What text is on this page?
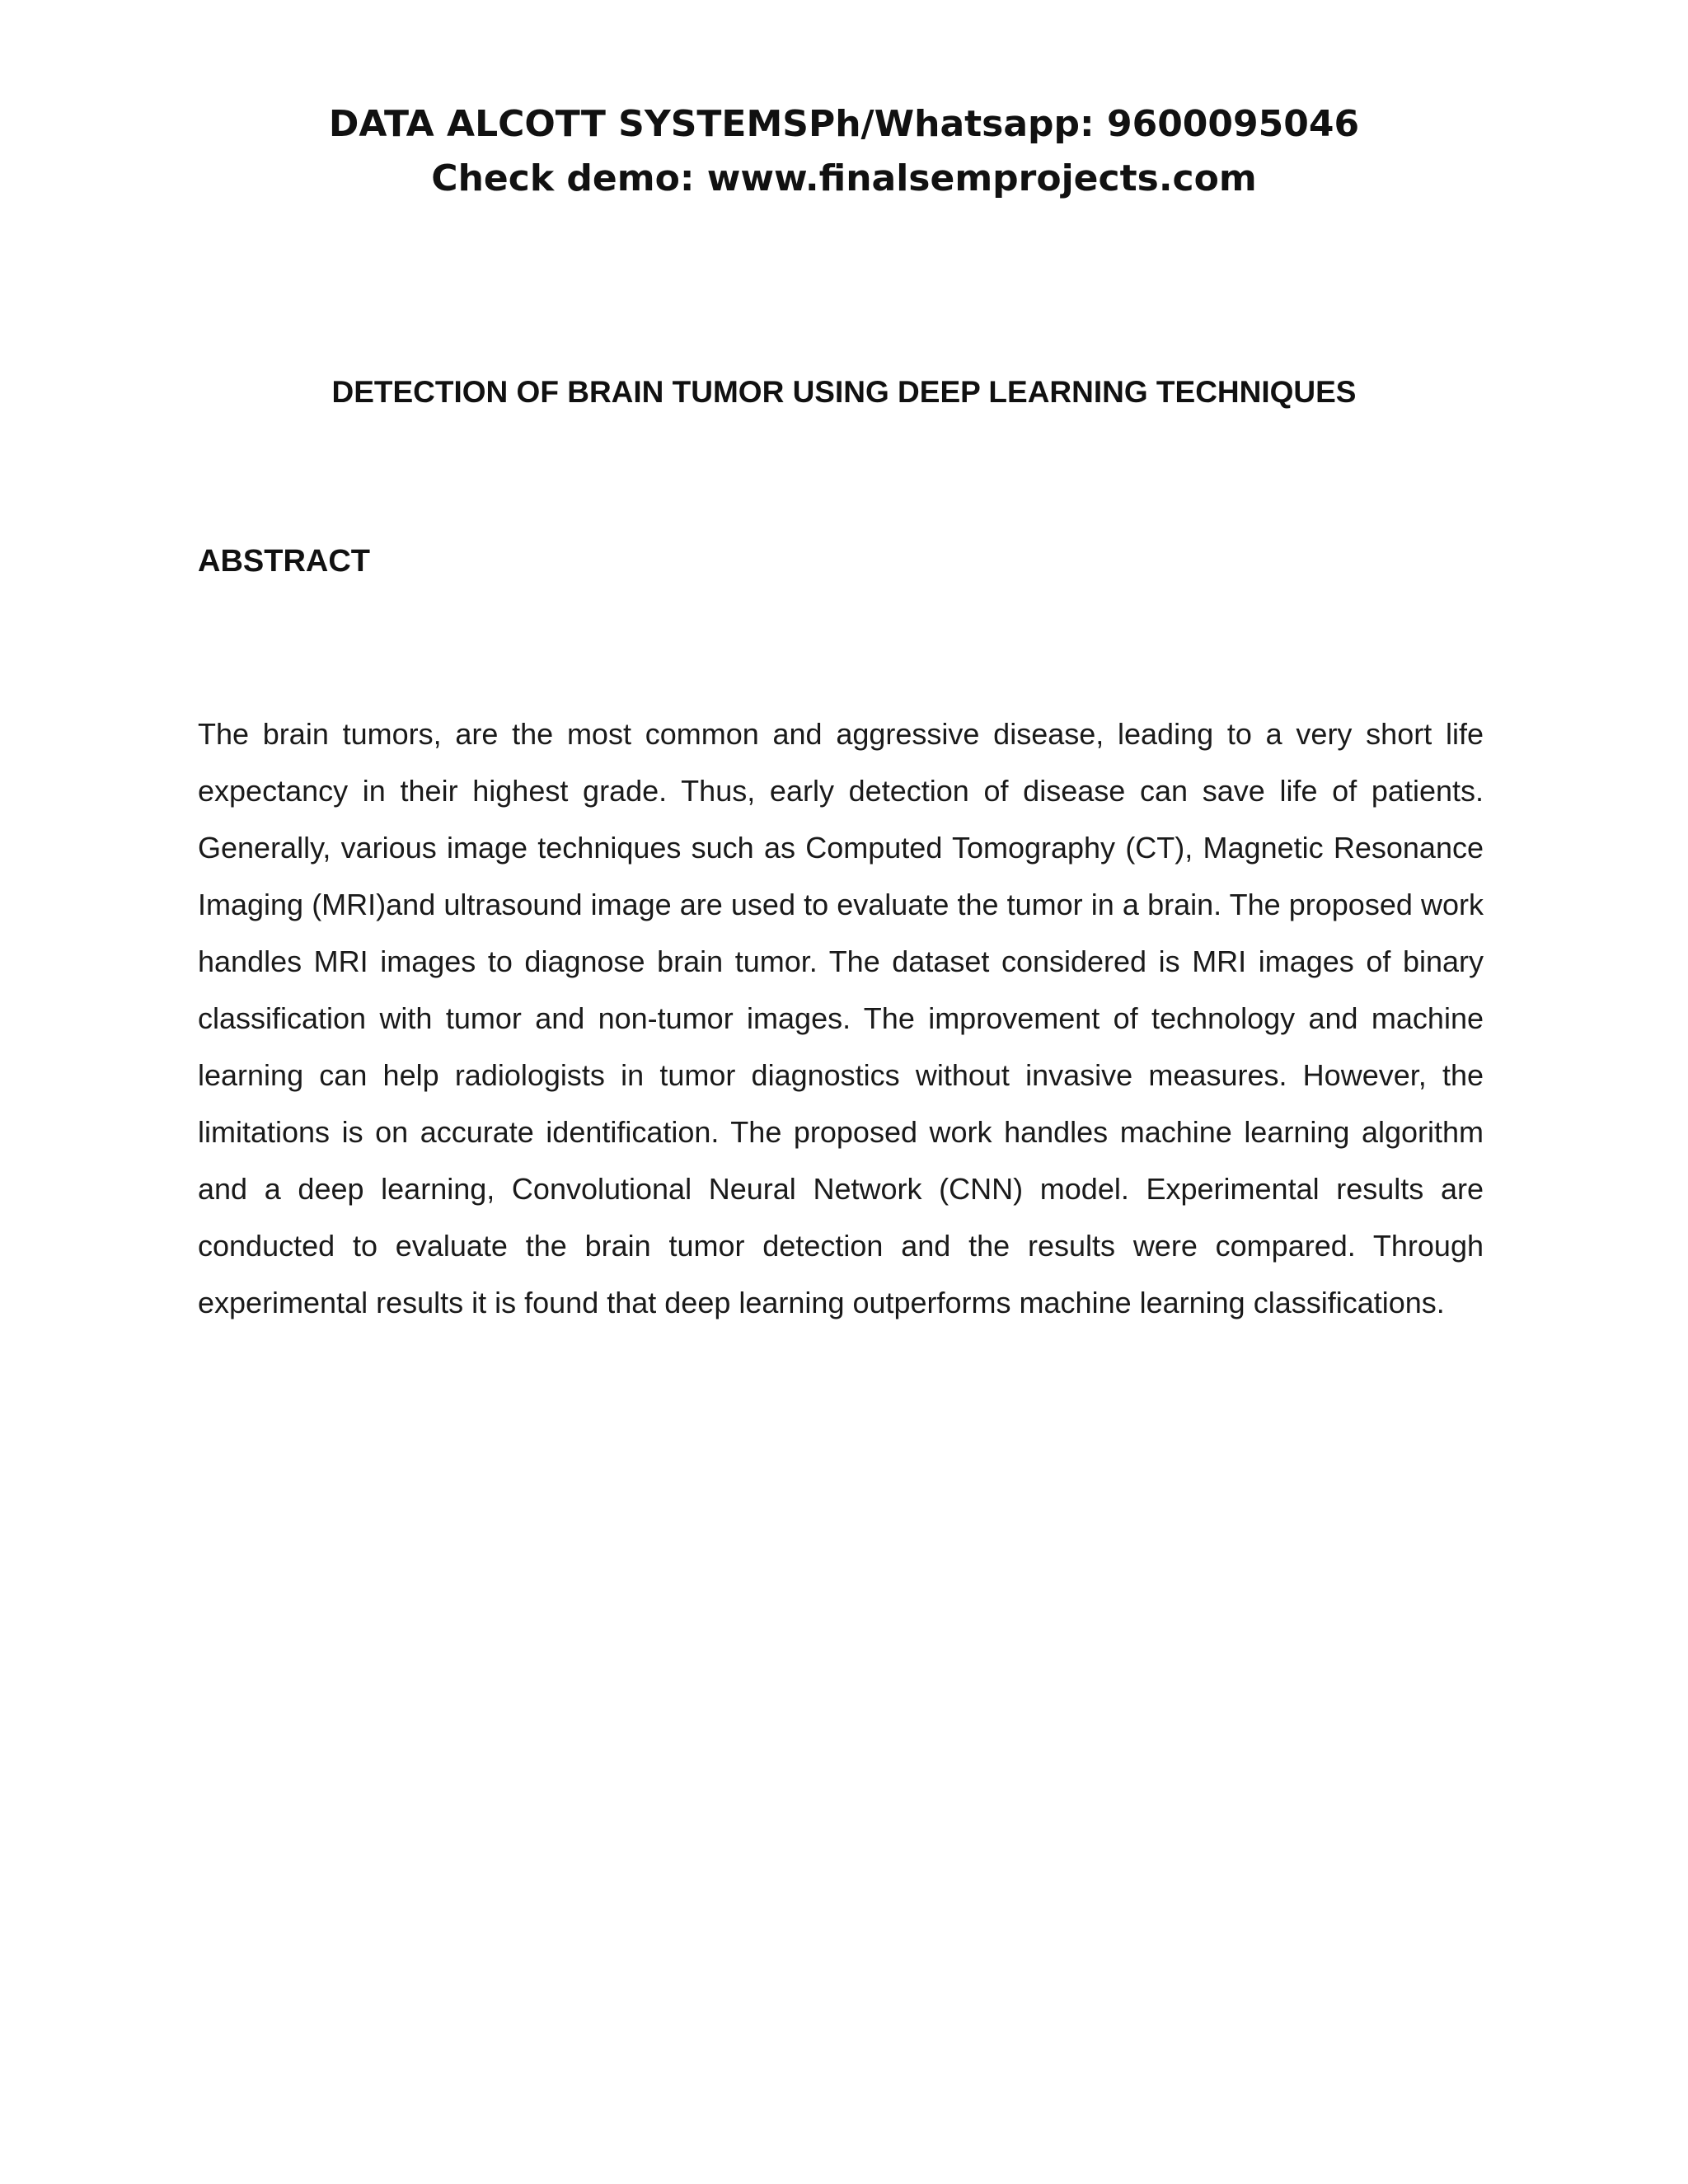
DATA ALCOTT SYSTEMSPh/Whatsapp: 9600095046
Check demo: www.finalsemprojects.com
DETECTION OF BRAIN TUMOR USING DEEP LEARNING TECHNIQUES
ABSTRACT

The brain tumors, are the most common and aggressive disease, leading to a very short life expectancy in their highest grade. Thus, early detection of disease can save life of patients. Generally, various image techniques such as Computed Tomography (CT), Magnetic Resonance Imaging (MRI)and ultrasound image are used to evaluate the tumor in a brain. The proposed work handles MRI images to diagnose brain tumor. The dataset considered is MRI images of binary classification with tumor and non-tumor images. The improvement of technology and machine learning can help radiologists in tumor diagnostics without invasive measures. However, the limitations is on accurate identification. The proposed work handles machine learning algorithm and a deep learning, Convolutional Neural Network (CNN) model. Experimental results are conducted to evaluate the brain tumor detection and the results were compared. Through experimental results it is found that deep learning outperforms machine learning classifications.
